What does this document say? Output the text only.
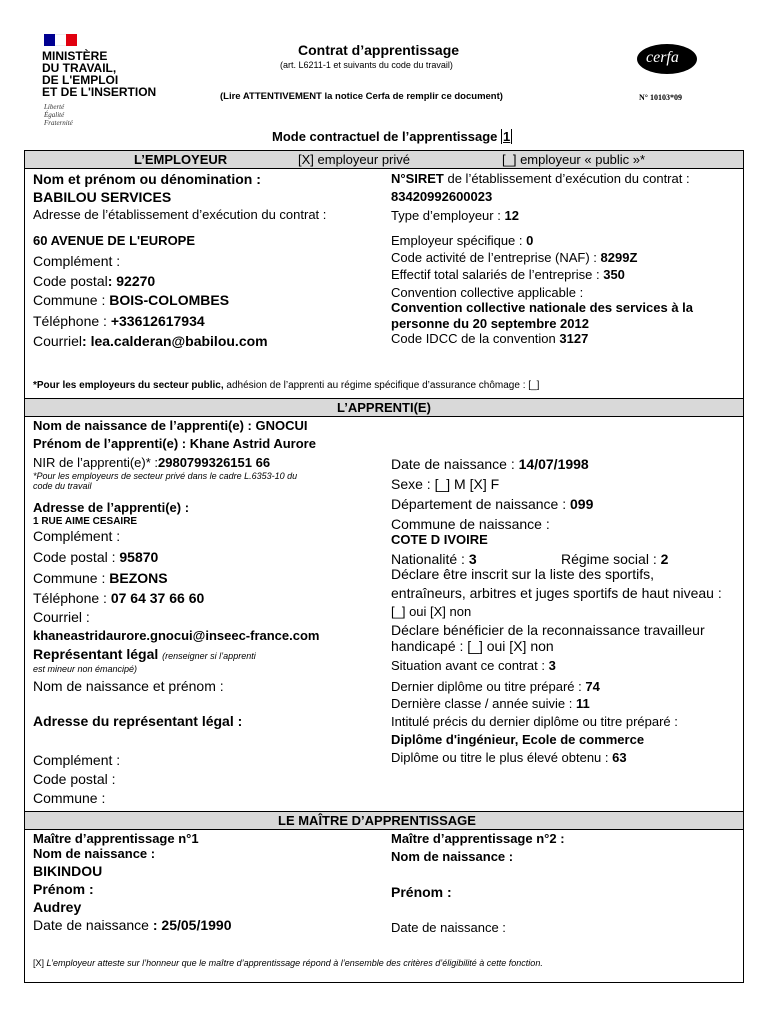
MINISTÈRE
DU TRAVAIL,
DE L'EMPLOI
ET DE L'INSERTION
Liberté
Égalité
Fraternité
Contrat d’apprentissage
(art. L6211-1 et suivants du code du travail)
(Lire ATTENTIVEMENT la notice Cerfa de remplir ce document)
cerfa
N° 10103*09
Mode contractuel de l’apprentissage 1
L’EMPLOYEUR	[X] employeur privé	[_] employeur « public »*
Nom et prénom ou dénomination :
BABILOU SERVICES
Adresse de l’établissement d’exécution du contrat :
60 AVENUE DE L'EUROPE
Complément :
Code postal: 92270
Commune : BOIS-COLOMBES
Téléphone : +33612617934
Courriel: lea.calderan@babilou.com
N°SIRET de l’établissement d’exécution du contrat :
83420992600023
Type d’employeur : 12
Employeur spécifique : 0
Code activité de l’entreprise (NAF) : 8299Z
Effectif total salariés de l’entreprise : 350
Convention collective applicable :
Convention collective nationale des services à la
personne du 20 septembre 2012
Code IDCC de la convention 3127
*Pour les employeurs du secteur public, adhésion de l’apprenti au régime spécifique d’assurance chômage : [_]
L’APPRENTI(E)
Nom de naissance de l’apprenti(e) : GNOCUI
Prénom de l’apprenti(e) : Khane Astrid Aurore
NIR de l’apprenti(e)* :2980799326151 66
*Pour les employeurs de secteur privé dans le cadre L.6353-10 du
code du travail
Adresse de l’apprenti(e) :
1 RUE AIME CESAIRE
Complément :
Code postal : 95870
Commune : BEZONS
Téléphone : 07 64 37 66 60
Courriel :
khaneastridaurore.gnocui@inseec-france.com
Représentant légal (renseigner si l’apprenti
est mineur non émancipé)
Nom de naissance et prénom :
Adresse du représentant légal :
Complément :
Code postal :
Commune :
Date de naissance : 14/07/1998
Sexe : [_] M [X] F
Département de naissance : 099
Commune de naissance :
COTE D IVOIRE
Nationalité : 3	Régime social : 2
Déclare être inscrit sur la liste des sportifs,
entraîneurs, arbitres et juges sportifs de haut niveau :
[_] oui [X] non
Déclare bénéficier de la reconnaissance travailleur
handicapé : [_] oui [X] non
Situation avant ce contrat : 3
Dernier diplôme ou titre préparé : 74
Dernière classe / année suivie : 11
Intitulé précis du dernier diplôme ou titre préparé :
Diplôme d'ingénieur, Ecole de commerce
Diplôme ou titre le plus élevé obtenu : 63
LE MAÎTRE D’APPRENTISSAGE
Maître d’apprentissage n°1
Nom de naissance :
BIKINDOU
Prénom :
Audrey
Date de naissance : 25/05/1990
Maître d’apprentissage n°2 :
Nom de naissance :
Prénom :
Date de naissance :
[X] L’employeur atteste sur l’honneur que le maître d’apprentissage répond à l’ensemble des critères d’éligibilité à cette fonction.
